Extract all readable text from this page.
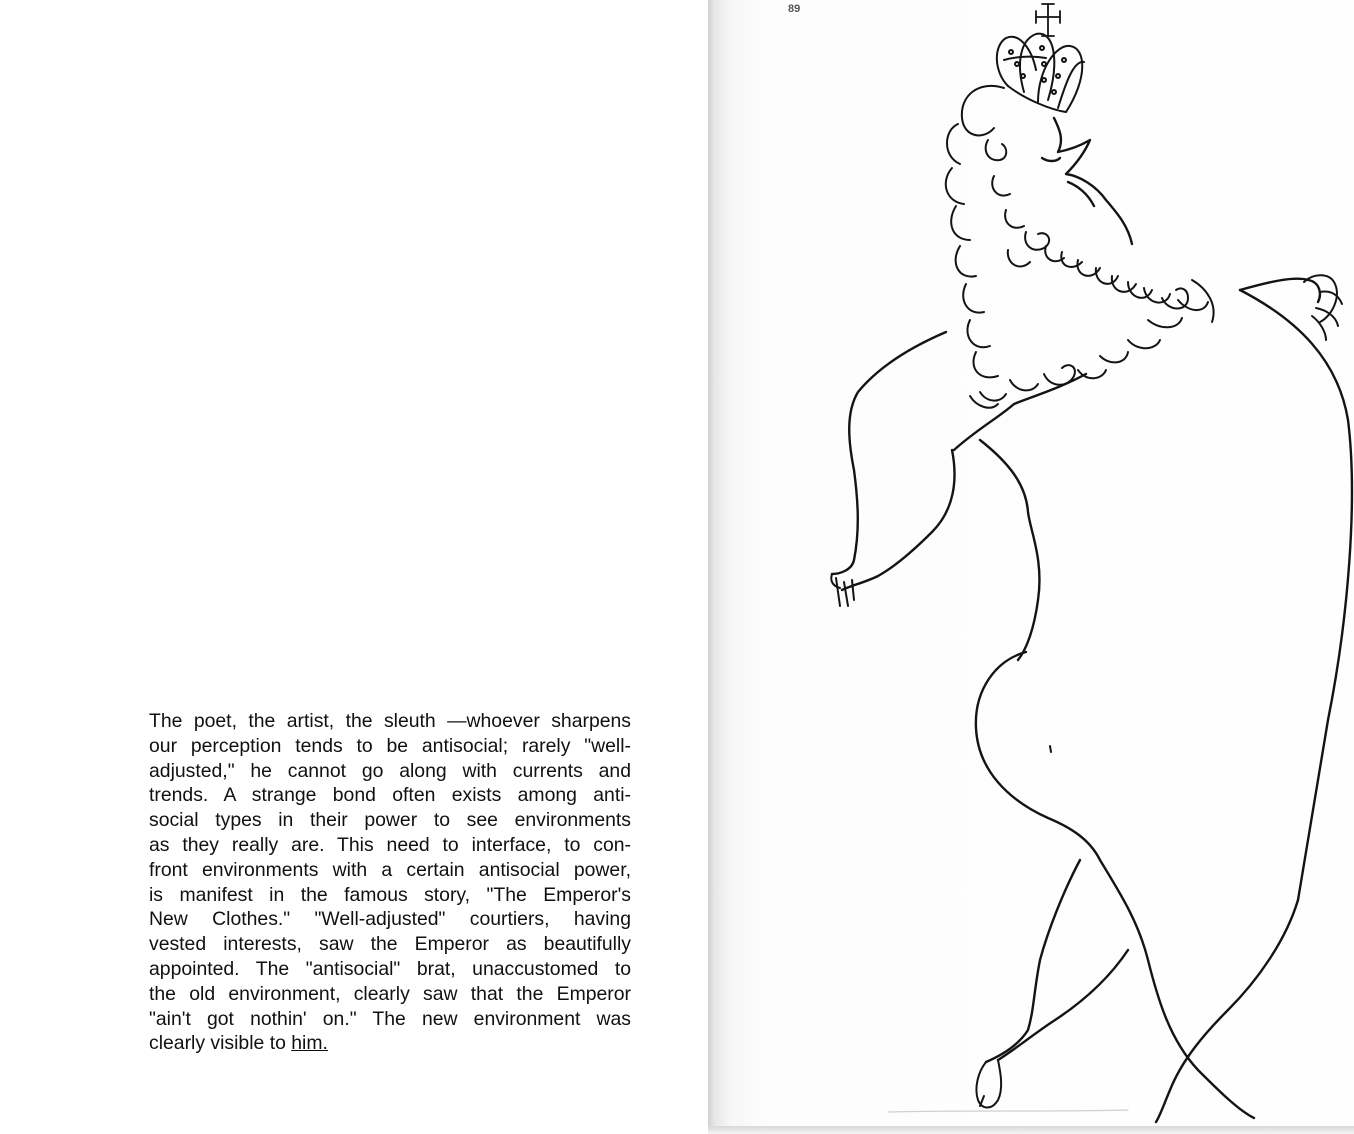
The poet, the artist, the sleuth —whoever sharpens
our perception tends to be antisocial; rarely "well-
adjusted," he cannot go along with currents and
trends. A strange bond often exists among anti-
social types in their power to see environments
as they really are. This need to interface, to con-
front environments with a certain antisocial power,
is manifest in the famous story, "The Emperor's
New Clothes." "Well-adjusted" courtiers, having
vested interests, saw the Emperor as beautifully
appointed. The "antisocial" brat, unaccustomed to
the old environment, clearly saw that the Emperor
"ain't got nothin' on." The new environment was
clearly visible to him.
89
